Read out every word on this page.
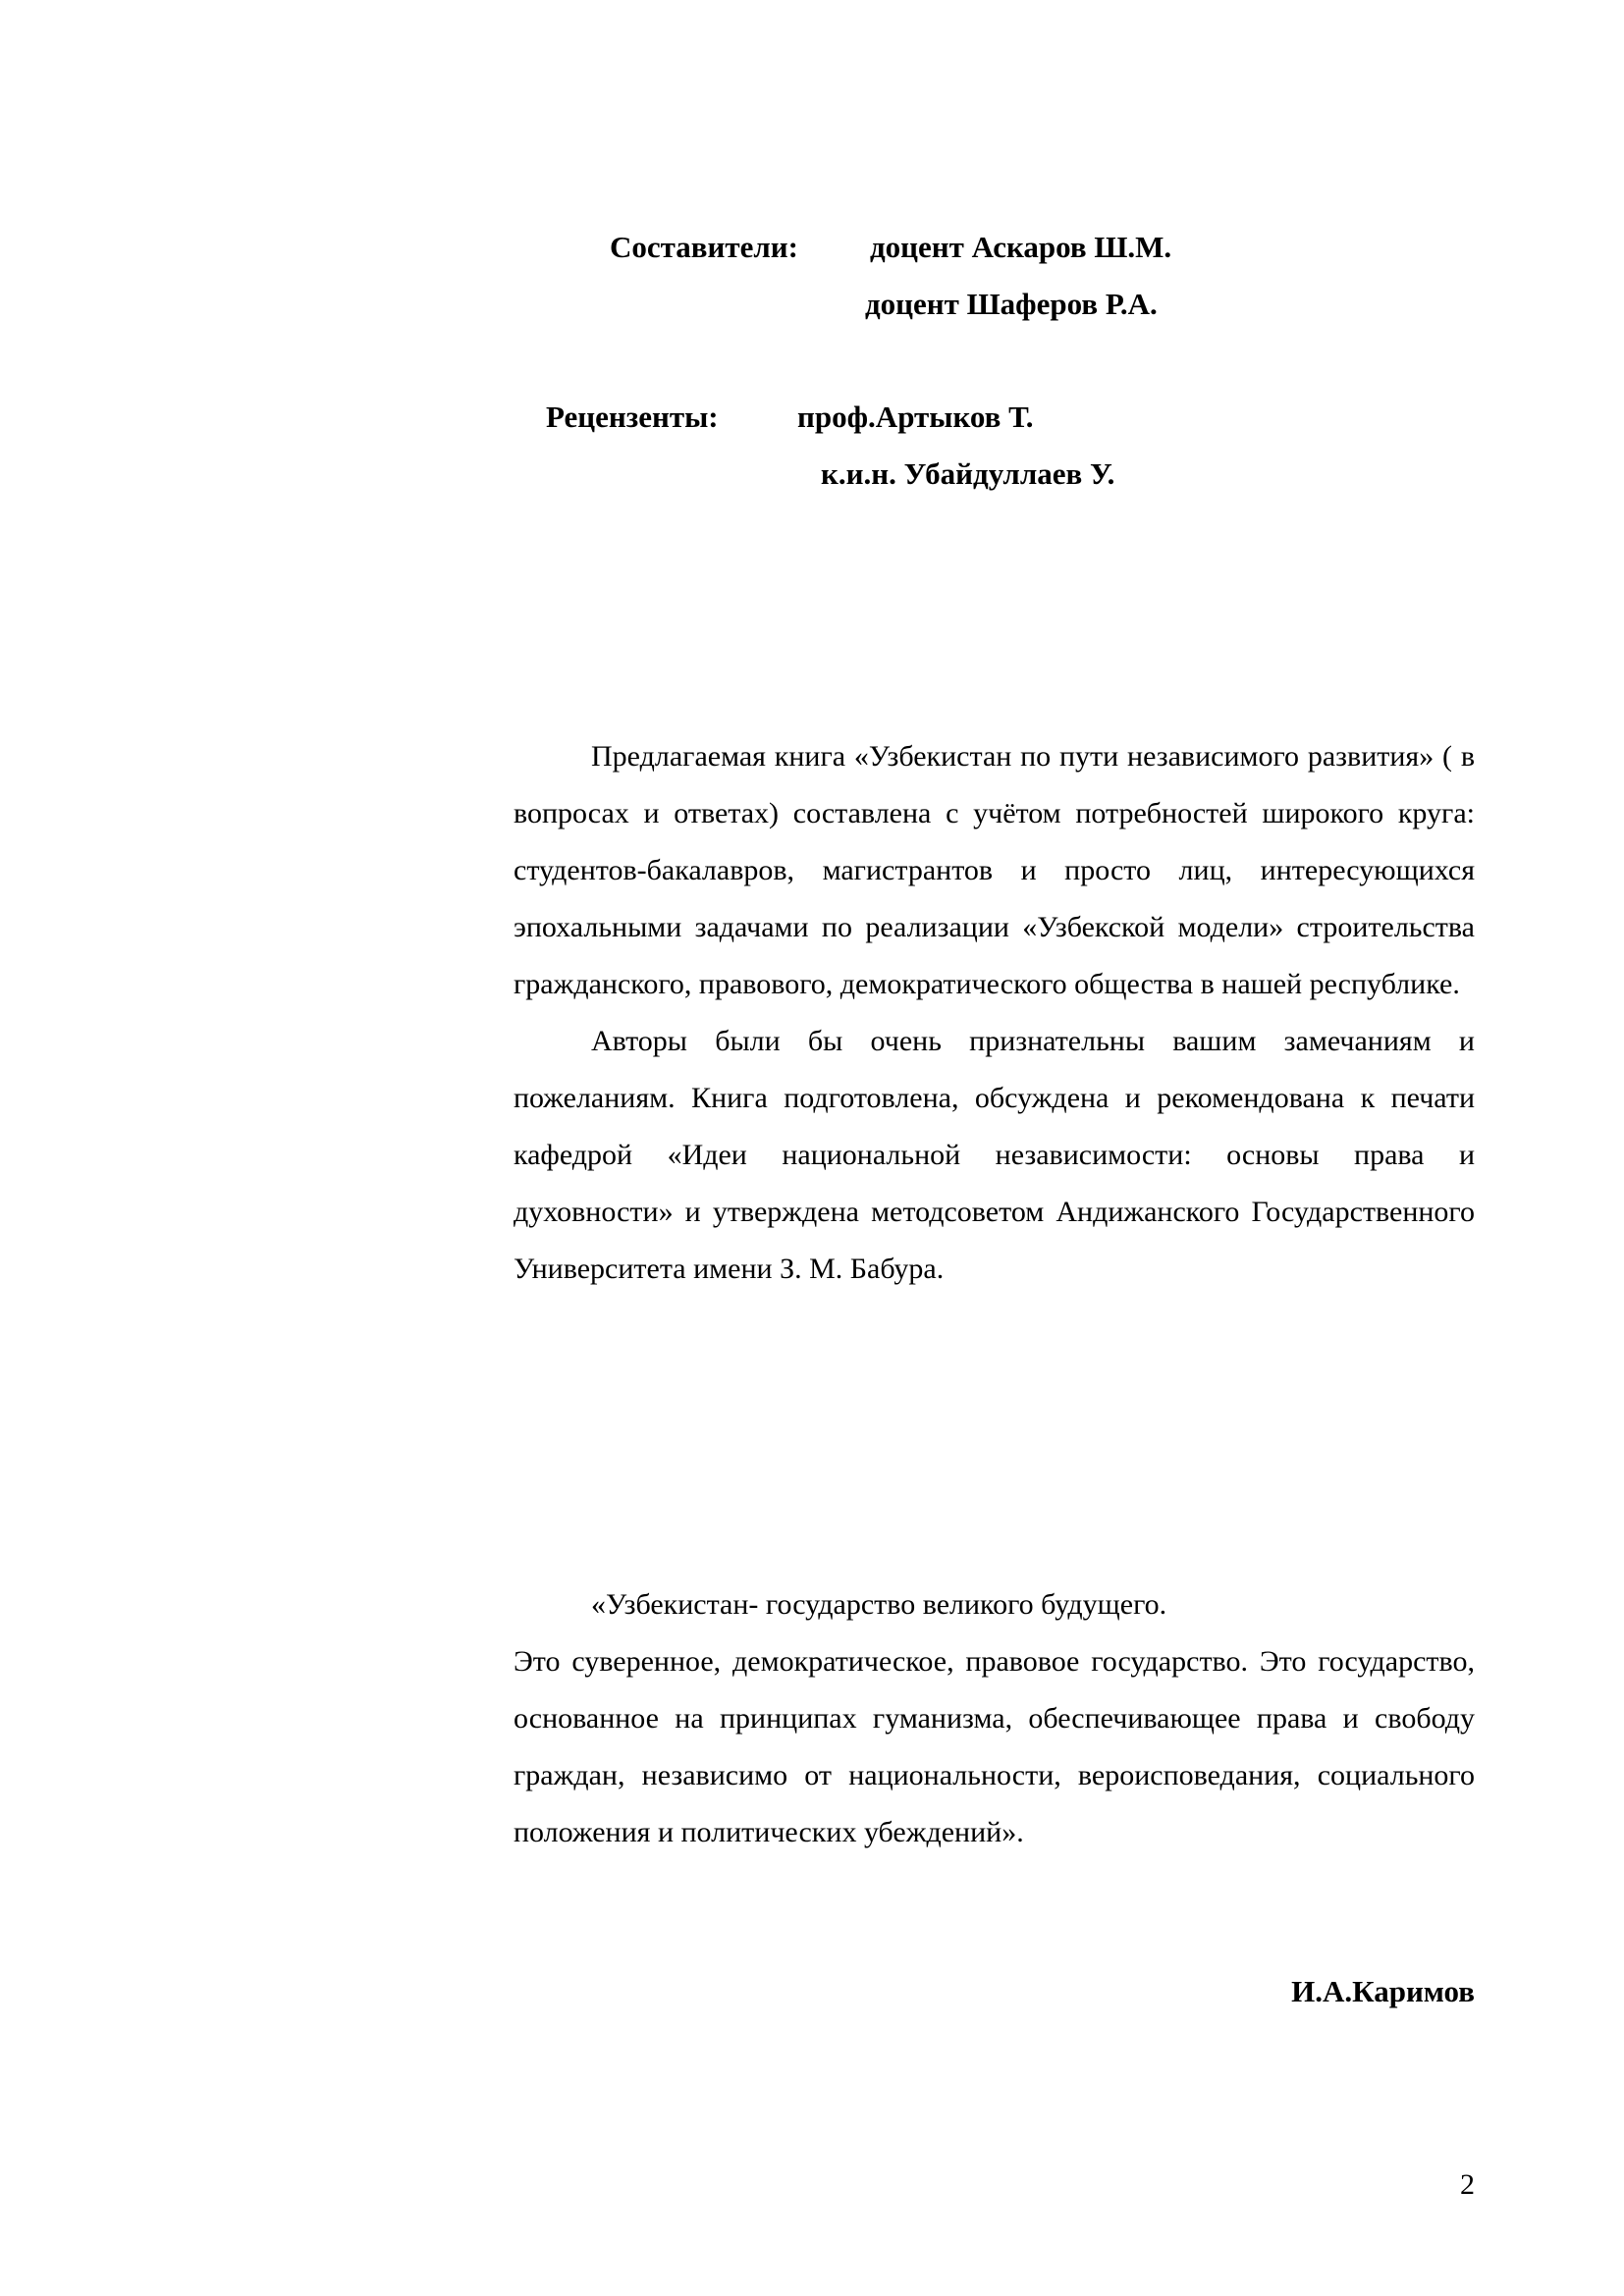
Составители: доцент Аскаров Ш.М.
доцент Шаферов Р.А.
Рецензенты:	проф.Артыков Т.
к.и.н. Убайдуллаев У.

Предлагаемая книга «Узбекистан по пути независимого развития» ( в вопросах и ответах) составлена с учётом потребностей широкого круга: студентов-бакалавров, магистрантов и просто лиц, интересующихся эпохальными задачами по реализации «Узбекской модели» строительства гражданского, правового, демократического общества в нашей республике.

Авторы были бы очень признательны вашим замечаниям и пожеланиям. Книга подготовлена, обсуждена и рекомендована к печати кафедрой «Идеи национальной независимости: основы права и духовности» и утверждена методсоветом Андижанского Государственного Университета имени З. М. Бабура.

«Узбекистан- государство великого будущего.

Это суверенное, демократическое, правовое государство. Это государство, основанное на принципах гуманизма, обеспечивающее права и свободу граждан, независимо от национальности, вероисповедания, социального положения и политических убеждений».

И.А.Каримов
2
